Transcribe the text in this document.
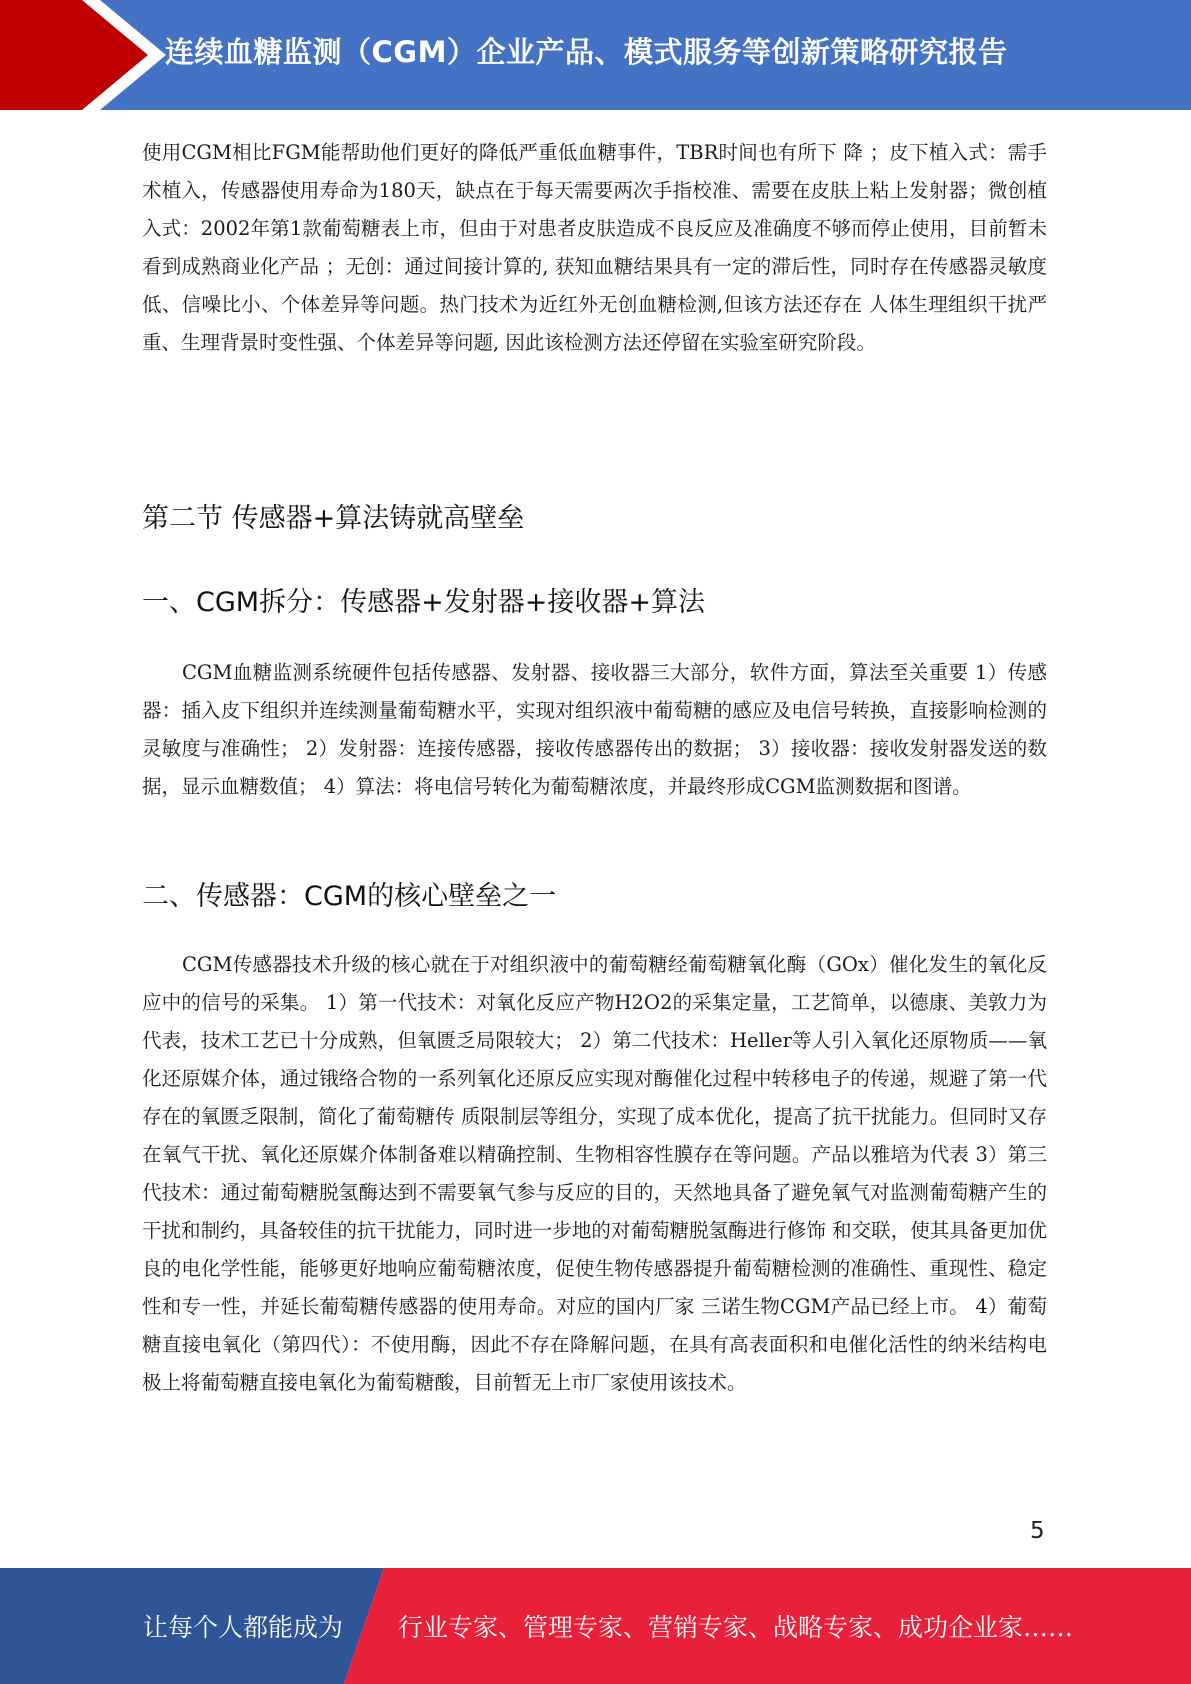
连续血糖监测（CGM）企业产品、模式服务等创新策略研究报告

使用CGM相比FGM能帮助他们更好的降低严重低血糖事件，TBR时间也有所下 降 ；皮下植入式：需手术植入，传感器使用寿命为180天，缺点在于每天需要两次手指校准、需要在皮肤上粘上发射器；微创植入式：2002年第1款葡萄糖表上市，但由于对患者皮肤造成不良反应及准确度不够而停止使用，目前暂未看到成熟商业化产品 ；无创：通过间接计算的, 获知血糖结果具有一定的滞后性，同时存在传感器灵敏度低、信噪比小、个体差异等问题。热门技术为近红外无创血糖检测,但该方法还存在 人体生理组织干扰严重、生理背景时变性强、个体差异等问题, 因此该检测方法还停留在实验室研究阶段。

第二节 传感器+算法铸就高壁垒
一、CGM拆分：传感器+发射器+接收器+算法

CGM血糖监测系统硬件包括传感器、发射器、接收器三大部分，软件方面，算法至关重要 1）传感器：插入皮下组织并连续测量葡萄糖水平，实现对组织液中葡萄糖的感应及电信号转换，直接影响检测的灵敏度与准确性； 2）发射器：连接传感器，接收传感器传出的数据； 3）接收器：接收发射器发送的数据，显示血糖数值； 4）算法：将电信号转化为葡萄糖浓度，并最终形成CGM监测数据和图谱。

二、传感器：CGM的核心壁垒之一

CGM传感器技术升级的核心就在于对组织液中的葡萄糖经葡萄糖氧化酶（GOx）催化发生的氧化反应中的信号的采集。 1）第一代技术：对氧化反应产物H2O2的采集定量，工艺简单，以德康、美敦力为代表，技术工艺已十分成熟，但氧匮乏局限较大； 2）第二代技术：Heller等人引入氧化还原物质——氧化还原媒介体，通过锇络合物的一系列氧化还原反应实现对酶催化过程中转移电子的传递，规避了第一代存在的氧匮乏限制，简化了葡萄糖传 质限制层等组分，实现了成本优化，提高了抗干扰能力。但同时又存在氧气干扰、氧化还原媒介体制备难以精确控制、生物相容性膜存在等问题。产品以雅培为代表 3）第三代技术：通过葡萄糖脱氢酶达到不需要氧气参与反应的目的，天然地具备了避免氧气对监测葡萄糖产生的干扰和制约，具备较佳的抗干扰能力，同时进一步地的对葡萄糖脱氢酶进行修饰 和交联，使其具备更加优良的电化学性能，能够更好地响应葡萄糖浓度，促使生物传感器提升葡萄糖检测的准确性、重现性、稳定性和专一性，并延长葡萄糖传感器的使用寿命。对应的国内厂家 三诺生物CGM产品已经上市。 4）葡萄糖直接电氧化（第四代）：不使用酶，因此不存在降解问题，在具有高表面积和电催化活性的纳米结构电极上将葡萄糖直接电氧化为葡萄糖酸，目前暂无上市厂家使用该技术。

5
让每个人都能成为 行业专家、管理专家、营销专家、战略专家、成功企业家……
